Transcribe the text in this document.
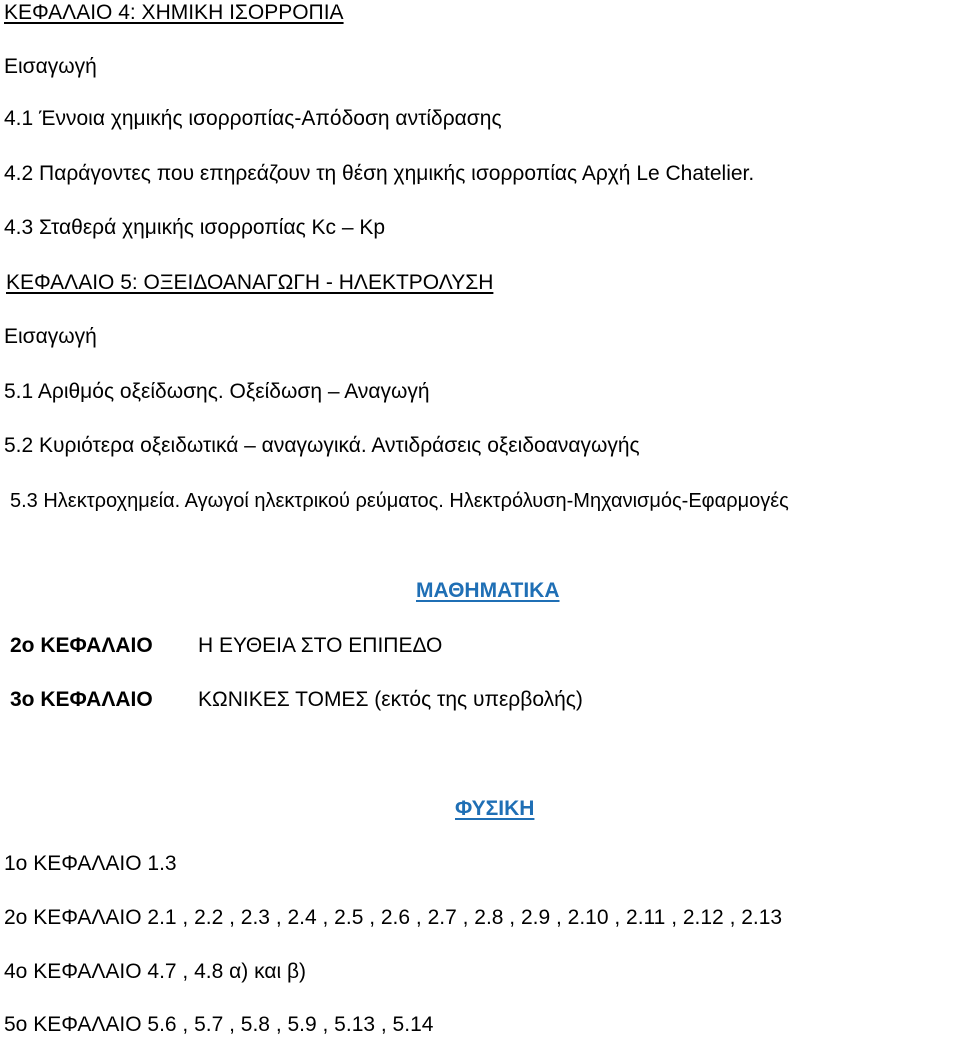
ΚΕΦΑΛΑΙΟ 4: ΧΗΜΙΚΗ ΙΣΟΡΡΟΠΙΑ
Εισαγωγή
4.1 Έννοια χημικής ισορροπίας-Απόδοση αντίδρασης
4.2 Παράγοντες που επηρεάζουν τη θέση χημικής ισορροπίας Αρχή Le Chatelier.
4.3 Σταθερά χημικής ισορροπίας Kc – Kp
ΚΕΦΑΛΑΙΟ 5: ΟΞΕΙΔΟΑΝΑΓΩΓΗ - ΗΛΕΚΤΡΟΛΥΣΗ
Εισαγωγή
5.1 Αριθμός οξείδωσης. Οξείδωση – Αναγωγή
5.2 Κυριότερα οξειδωτικά – αναγωγικά. Αντιδράσεις οξειδοαναγωγής
5.3 Ηλεκτροχημεία. Αγωγοί ηλεκτρικού ρεύματος. Ηλεκτρόλυση-Μηχανισμός-Εφαρμογές
ΜΑΘΗΜΑΤΙΚΑ
2ο ΚΕΦΑΛΑΙΟ Η ΕΥΘΕΙΑ ΣΤΟ ΕΠΙΠΕΔΟ
3ο ΚΕΦΑΛΑΙΟ ΚΩΝΙΚΕΣ ΤΟΜΕΣ (εκτός της υπερβολής)
ΦΥΣΙΚΗ
1ο ΚΕΦΑΛΑΙΟ 1.3
2ο ΚΕΦΑΛΑΙΟ 2.1 , 2.2 , 2.3 , 2.4 , 2.5 , 2.6 , 2.7 , 2.8 , 2.9 , 2.10 , 2.11 , 2.12 , 2.13
4ο ΚΕΦΑΛΑΙΟ 4.7 , 4.8 α) και β)
5ο ΚΕΦΑΛΑΙΟ 5.6 , 5.7 , 5.8 , 5.9 , 5.13 , 5.14
